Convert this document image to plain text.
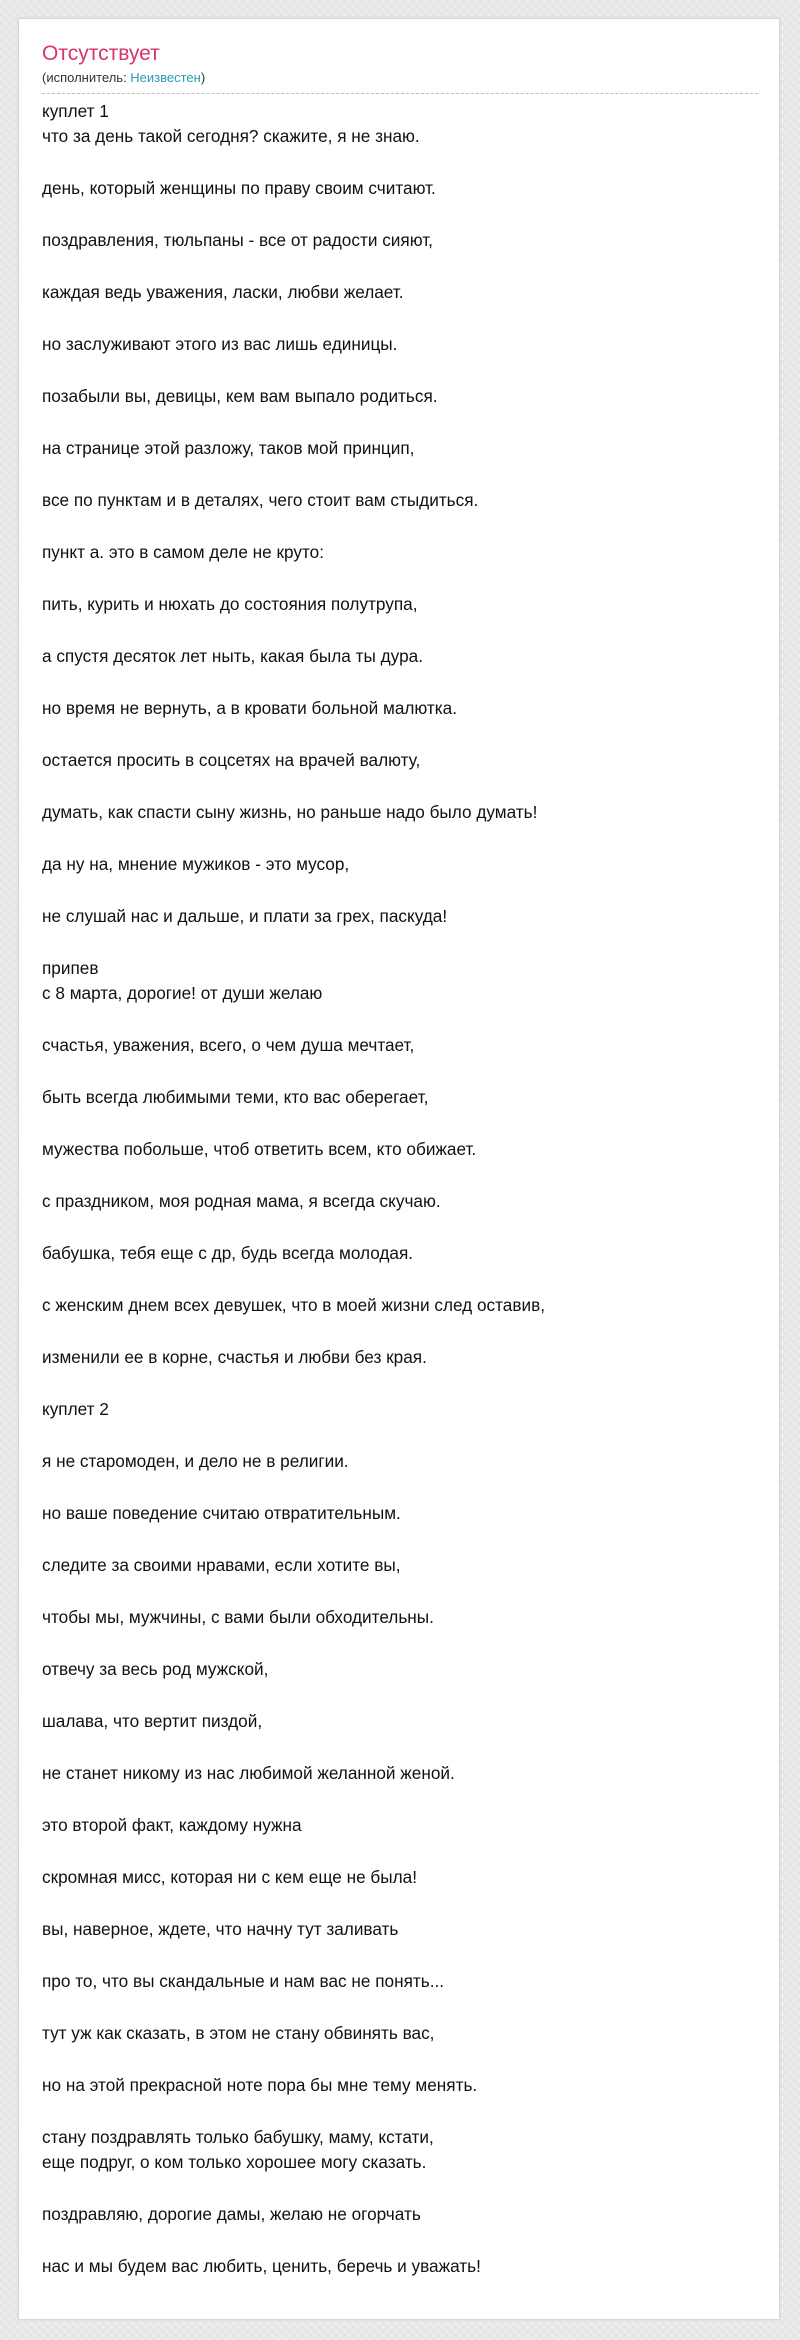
Отсутствует
(исполнитель: Неизвестен)
куплет 1
что за день такой сегодня? скажите, я не знаю.
день, который женщины по праву своим считают.
поздравления, тюльпаны - все от радости сияют,
каждая ведь уважения, ласки, любви желает.
но заслуживают этого из вас лишь единицы.
позабыли вы, девицы, кем вам выпало родиться.
на странице этой разложу, таков мой принцип,
все по пунктам и в деталях, чего стоит вам стыдиться.
пункт а. это в самом деле не круто:
пить, курить и нюхать до состояния полутрупа,
а спустя десяток лет ныть, какая была ты дура.
но время не вернуть, а в кровати больной малютка.
остается просить в соцсетях на врачей валюту,
думать, как спасти сыну жизнь, но раньше надо было думать!
да ну на, мнение мужиков - это мусор,
не слушай нас и дальше, и плати за грех, паскуда!
припев
с 8 марта, дорогие! от души желаю
счастья, уважения, всего, о чем душа мечтает,
быть всегда любимыми теми, кто вас оберегает,
мужества побольше, чтоб ответить всем, кто обижает.
с праздником, моя родная мама, я всегда скучаю.
бабушка, тебя еще с др, будь всегда молодая.
с женским днем всех девушек, что в моей жизни след оставив,
изменили ее в корне, счастья и любви без края.
куплет 2
я не старомоден, и дело не в религии.
но ваше поведение считаю отвратительным.
следите за своими нравами, если хотите вы,
чтобы мы, мужчины, с вами были обходительны.
отвечу за весь род мужской,
шалава, что вертит пиздой,
не станет никому из нас любимой желанной женой.
это второй факт, каждому нужна
скромная мисс, которая ни с кем еще не была!
вы, наверное, ждете, что начну тут заливать
про то, что вы скандальные и нам вас не понять...
тут уж как сказать, в этом не стану обвинять вас,
но на этой прекрасной ноте пора бы мне тему менять.
стану поздравлять только бабушку, маму, кстати,
еще подруг, о ком только хорошее могу сказать.
поздравляю, дорогие дамы, желаю не огорчать
нас и мы будем вас любить, ценить, беречь и уважать!
